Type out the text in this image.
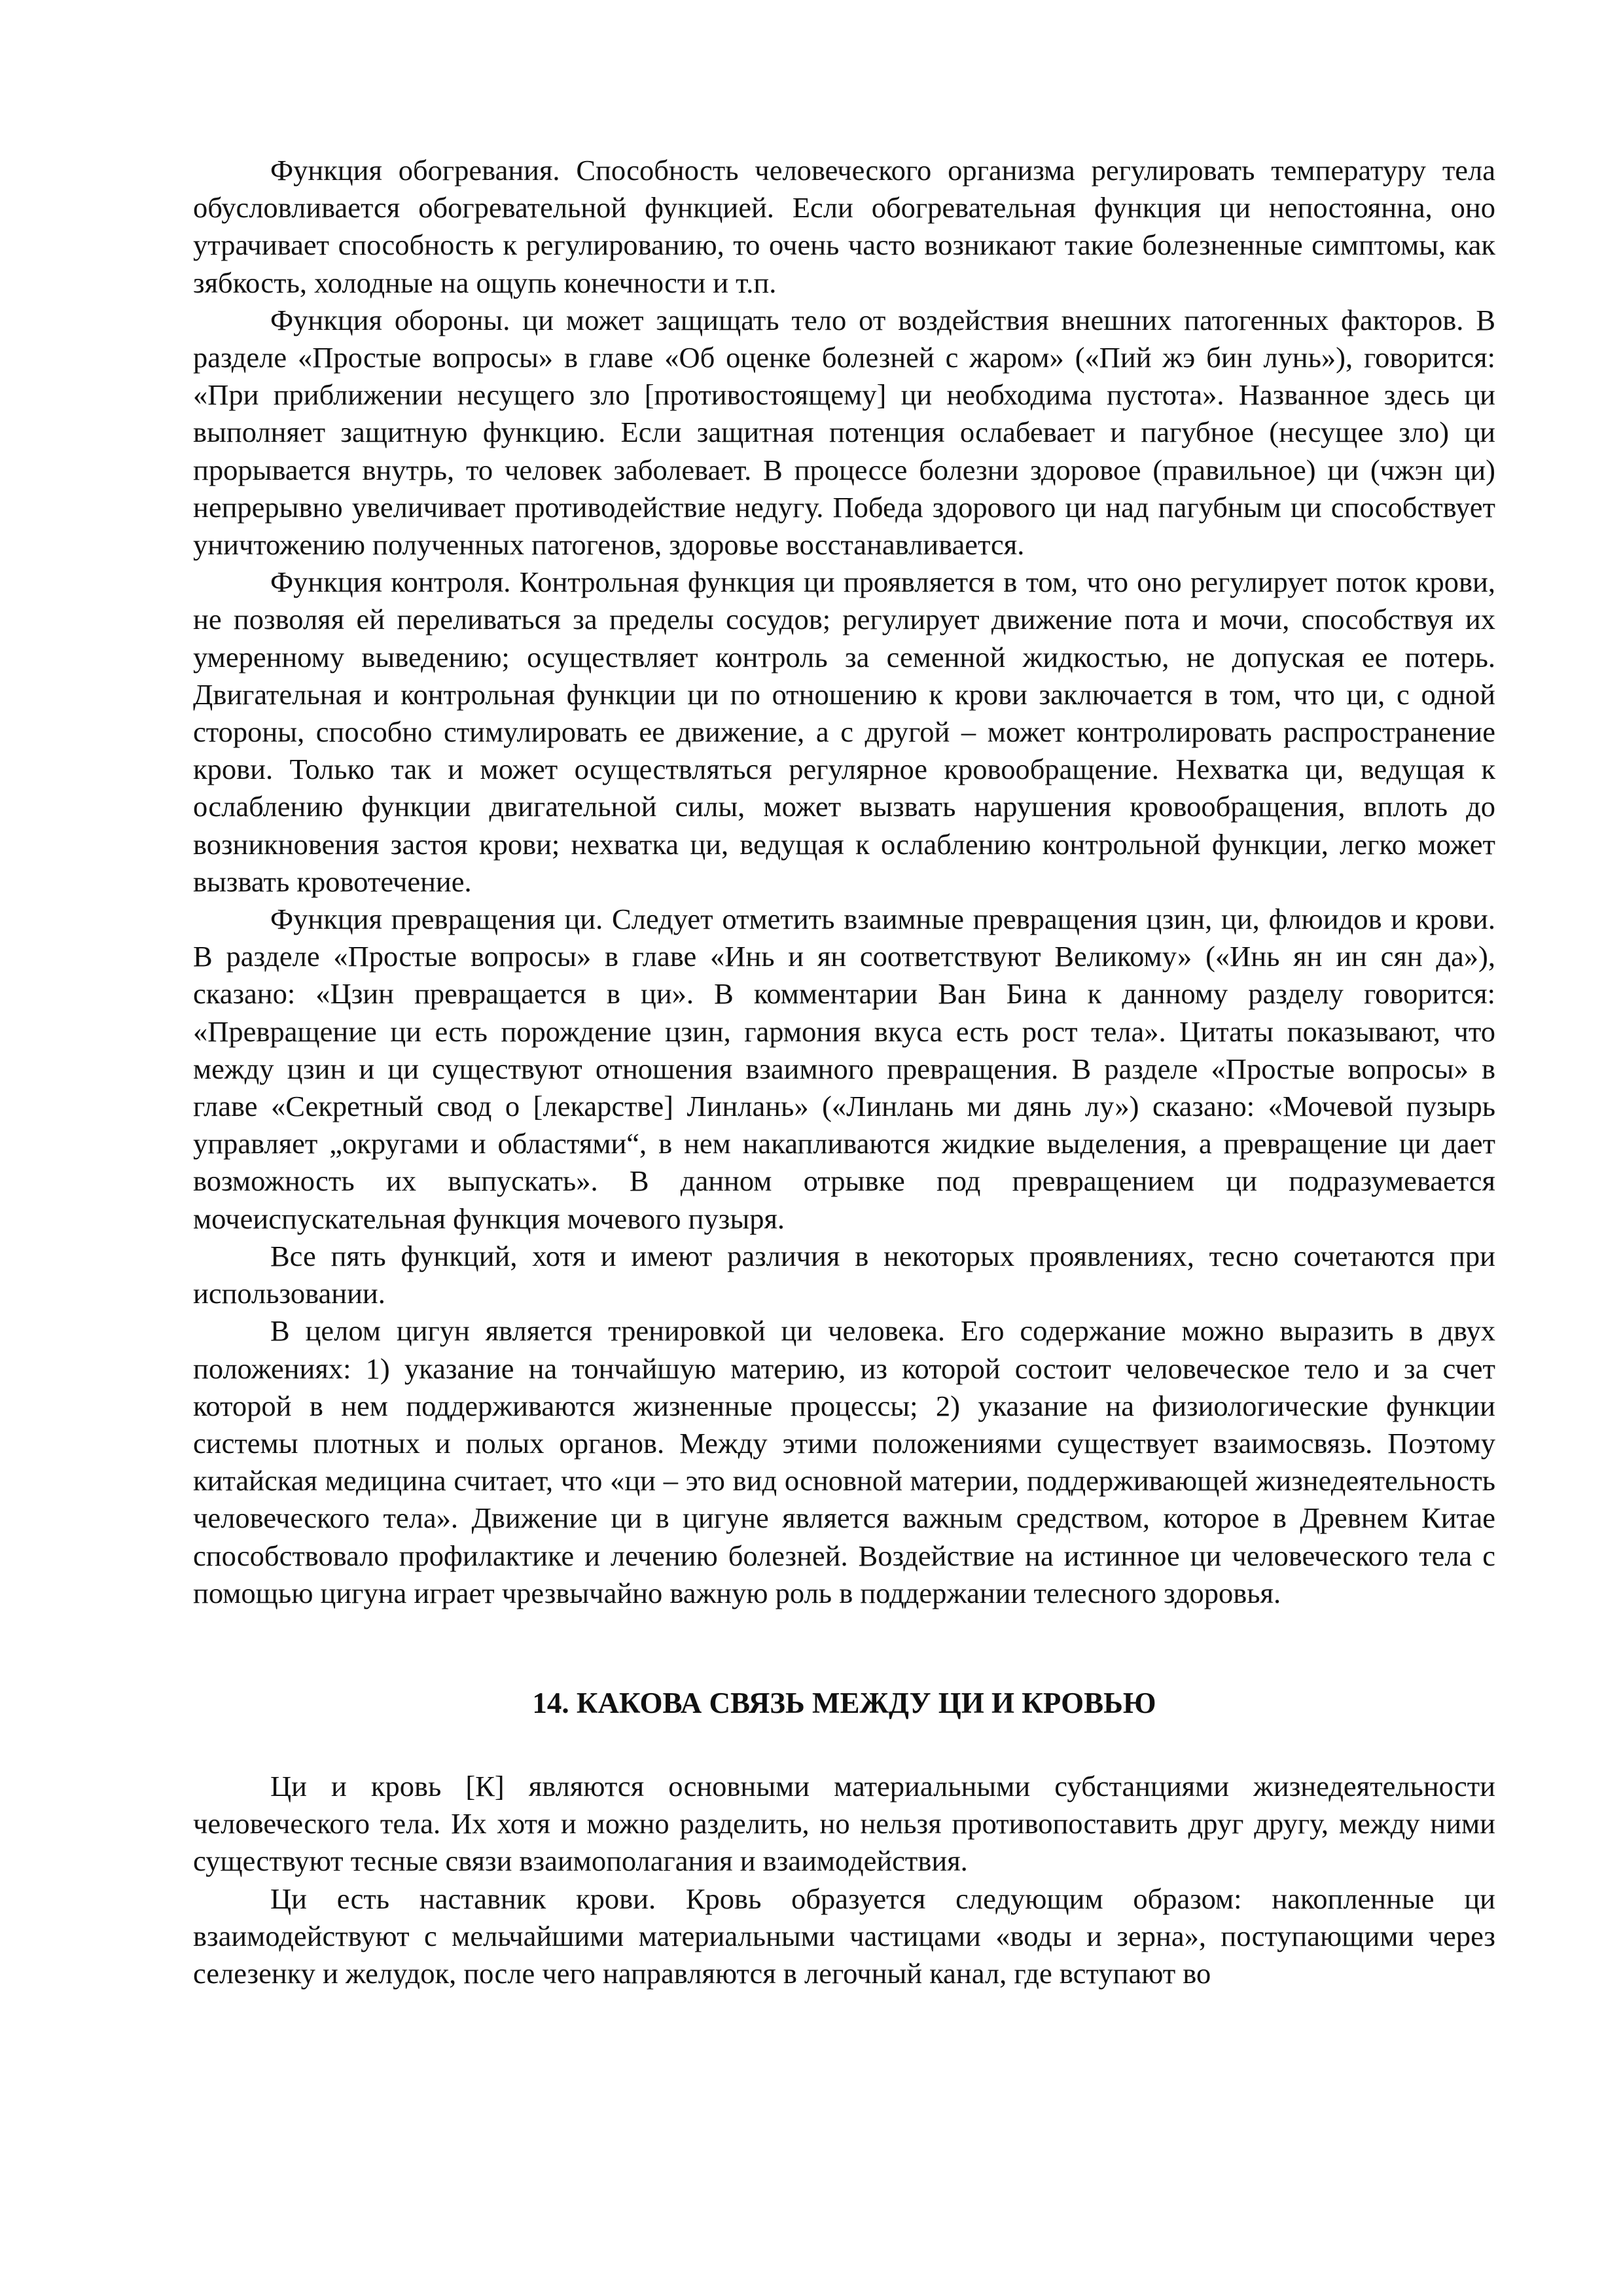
Функция обогревания. Способность человеческого организма регулировать температуру тела обусловливается обогревательной функцией. Если обогревательная функция ци непостоянна, оно утрачивает способность к регулированию, то очень часто возникают такие болезненные симптомы, как зябкость, холодные на ощупь конечности и т.п.

Функция обороны. ци может защищать тело от воздействия внешних патогенных факторов. В разделе «Простые вопросы» в главе «Об оценке болезней с жаром» («Пий жэ бин лунь»), говорится: «При приближении несущего зло [противостоящему] ци необходима пустота». Названное здесь ци выполняет защитную функцию. Если защитная потенция ослабевает и пагубное (несущее зло) ци прорывается внутрь, то человек заболевает. В процессе болезни здоровое (правильное) ци (чжэн ци) непрерывно увеличивает противодействие недугу. Победа здорового ци над пагубным ци способствует уничтожению полученных патогенов, здоровье восстанавливается.

Функция контроля. Контрольная функция ци проявляется в том, что оно регулирует поток крови, не позволяя ей переливаться за пределы сосудов; регулирует движение пота и мочи, способствуя их умеренному выведению; осуществляет контроль за семенной жидкостью, не допуская ее потерь. Двигательная и контрольная функции ци по отношению к крови заключается в том, что ци, с одной стороны, способно стимулировать ее движение, а с другой – может контролировать распространение крови. Только так и может осуществляться регулярное кровообращение. Нехватка ци, ведущая к ослаблению функции двигательной силы, может вызвать нарушения кровообращения, вплоть до возникновения застоя крови; нехватка ци, ведущая к ослаблению контрольной функции, легко может вызвать кровотечение.

Функция превращения ци. Следует отметить взаимные превращения цзин, ци, флюидов и крови. В разделе «Простые вопросы» в главе «Инь и ян соответствуют Великому» («Инь ян ин сян да»), сказано: «Цзин превращается в ци». В комментарии Ван Бина к данному разделу говорится: «Превращение ци есть порождение цзин, гармония вкуса есть рост тела». Цитаты показывают, что между цзин и ци существуют отношения взаимного превращения. В разделе «Простые вопросы» в главе «Секретный свод о [лекарстве] Линлань» («Линлань ми дянь лу») сказано: «Мочевой пузырь управляет „округами и областями“, в нем накапливаются жидкие выделения, а превращение ци дает возможность их выпускать». В данном отрывке под превращением ци подразумевается мочеиспускательная функция мочевого пузыря.

Все пять функций, хотя и имеют различия в некоторых проявлениях, тесно сочетаются при использовании.

В целом цигун является тренировкой ци человека. Его содержание можно выразить в двух положениях: 1) указание на тончайшую материю, из которой состоит человеческое тело и за счет которой в нем поддерживаются жизненные процессы; 2) указание на физиологические функции системы плотных и полых органов. Между этими положениями существует взаимосвязь. Поэтому китайская медицина считает, что «ци – это вид основной материи, поддерживающей жизнедеятельность человеческого тела». Движение ци в цигуне является важным средством, которое в Древнем Китае способствовало профилактике и лечению болезней. Воздействие на истинное ци человеческого тела с помощью цигуна играет чрезвычайно важную роль в поддержании телесного здоровья.

14. КАКОВА СВЯЗЬ МЕЖДУ ЦИ И КРОВЬЮ

Ци и кровь [К] являются основными материальными субстанциями жизнедеятельности человеческого тела. Их хотя и можно разделить, но нельзя противопоставить друг другу, между ними существуют тесные связи взаимополагания и взаимодействия.

Ци есть наставник крови. Кровь образуется следующим образом: накопленные ци взаимодействуют с мельчайшими материальными частицами «воды и зерна», поступающими через селезенку и желудок, после чего направляются в легочный канал, где вступают во
